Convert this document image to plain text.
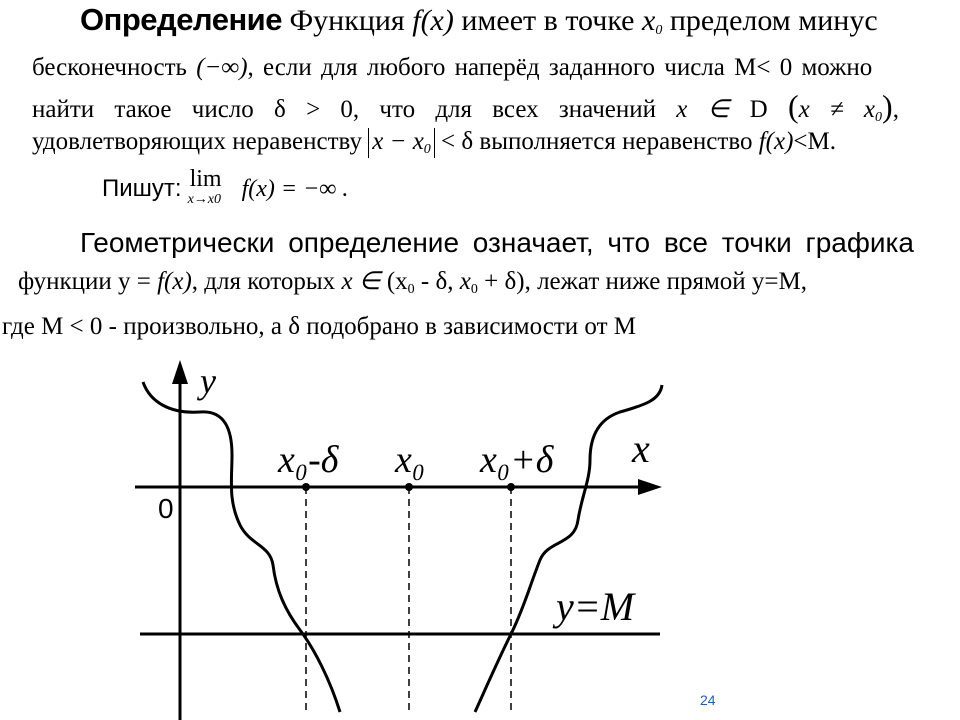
Определение Функция f(x) имеет в точке $x_0$ пределом минус
бесконечность (−∞), если для любого наперёд заданного числа M< 0 можно
найти такое число δ > 0, что для всех значений x ∈ D $(x \ne x_0)$,
удовлетворяющих неравенству $x - x_0 < \delta$ выполняется неравенство f(x)<M.
Пишут: lim
x→x0 f(x) = −∞ .
Геометрически определение означает, что все точки графика
функции y = f(x), для которых x ∈ ($x_0$ - δ, $x_0 + \delta$), лежат ниже прямой y=M,
где M < 0 - произвольно, а δ подобрано в зависимости от M
y
x
0
x₀-δ x₀ x₀+δ
y=M
24
